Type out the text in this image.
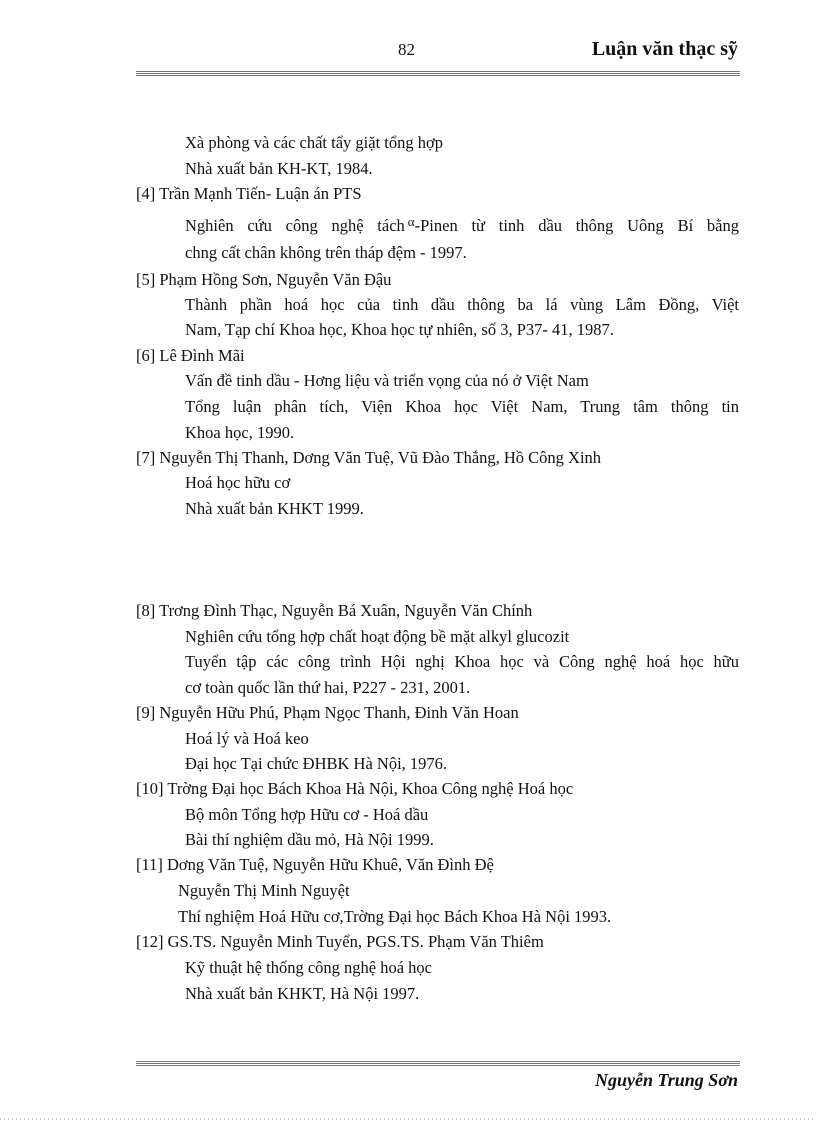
82	Luận văn thạc sỹ
Xà phòng và các chất tẩy giặt tổng hợp
Nhà xuất bản KH-KT, 1984.
[4] Trần Mạnh Tiến- Luận án PTS
Nghiên cứu công nghệ tách $^\alpha$-Pinen từ tinh dầu thông Uông Bí bằng
chng cất chân không trên tháp đệm - 1997.
[5] Phạm Hồng Sơn, Nguyễn Văn Đậu
Thành phần hoá học của tinh dầu thông ba lá vùng Lâm Đồng, Việt
Nam, Tạp chí Khoa học, Khoa học tự nhiên, số 3, P37- 41, 1987.
[6] Lê Đình Mãi
Vấn đề tinh dầu - Hơng liệu và triển vọng của nó ở Việt Nam
Tổng luận phân tích, Viện Khoa học Việt Nam, Trung tâm thông tin
Khoa học, 1990.
[7] Nguyễn Thị Thanh, Dơng Văn Tuệ, Vũ Đào Thắng, Hồ Công Xinh
Hoá học hữu cơ
Nhà xuất bản KHKT 1999.
[8] Trơng Đình Thạc, Nguyễn Bá Xuân, Nguyễn Văn Chính
Nghiên cứu tổng hợp chất hoạt động bề mặt alkyl glucozit
Tuyển tập các công trình Hội nghị Khoa học và Công nghệ hoá học hữu
cơ toàn quốc lần thứ hai, P227 - 231, 2001.
[9] Nguyễn Hữu Phú, Phạm Ngọc Thanh, Đinh Văn Hoan
Hoá lý và Hoá keo
Đại học Tại chức ĐHBK Hà Nội, 1976.
[10] Trờng Đại học Bách Khoa Hà Nội, Khoa Công nghệ Hoá học
Bộ môn Tổng hợp Hữu cơ - Hoá dầu
Bài thí nghiệm dầu mỏ, Hà Nội 1999.
[11] Dơng Văn Tuệ, Nguyễn Hữu Khuê, Văn Đình Đệ
Nguyễn Thị Minh Nguyệt
Thí nghiệm Hoá Hữu cơ,Trờng Đại học Bách Khoa Hà Nội 1993.
[12] GS.TS. Nguyễn Minh Tuyển, PGS.TS. Phạm Văn Thiêm
Kỹ thuật hệ thống công nghệ hoá học
Nhà xuất bản KHKT, Hà Nội 1997.
Nguyễn Trung Sơn
